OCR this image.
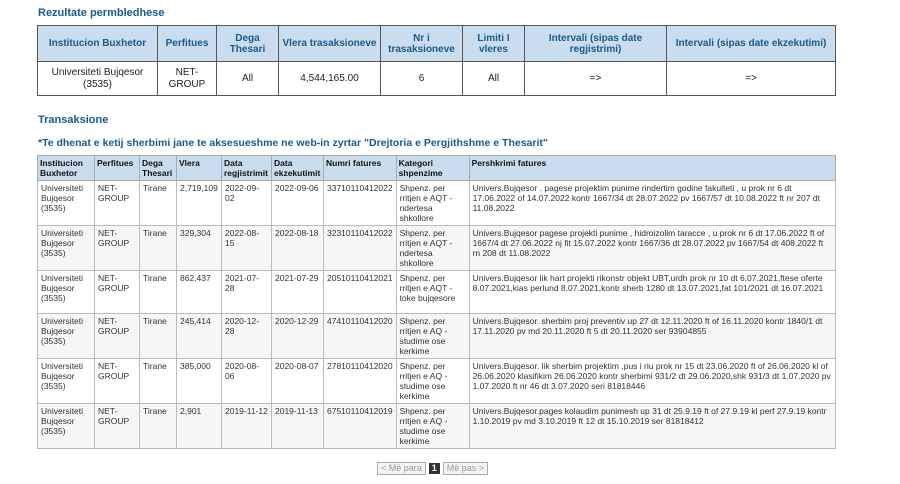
Rezultate permbledhese
Institucion Buxhetor	Perfitues	Dega Thesari	Vlera trasaksioneve	Nr i trasaksioneve	Limiti I vleres	Intervali (sipas date regjistrimi)	Intervali (sipas date ekzekutimi)
Universiteti Bujqesor (3535)	NET-GROUP	All	4,544,165.00	6	All	=>	=>
Transaksione
*Te dhenat e ketij sherbimi jane te aksesueshme ne web-in zyrtar "Drejtoria e Pergjithshme e Thesarit"
Institucion Buxhetor	Perfitues	Dega Thesari	Vlera	Data regjistrimit	Data ekzekutimit	Numri fatures	Kategori shpenzime	Pershkrimi fatures
Universiteti Bujqesor (3535)	NET-GROUP	Tirane	2,719,109	2022-09-02	2022-09-06	33710110412022	Shpenz. per rritjen e AQT - ndertesa shkollore	Univers.Bujqesor . pagese projektim punime rindertim godine fakulteti , u prok nr 6 dt 17.06.2022 of 14.07.2022 kontr 1667/34 dt 28.07.2022 pv 1667/57 dt 10.08.2022 ft nr 207 dt 11.08.2022
Universiteti Bujqesor (3535)	NET-GROUP	Tirane	329,304	2022-08-15	2022-08-18	32310110412022	Shpenz. per rritjen e AQT - ndertesa shkollore	Univers.Bujqesor pagese projekti punime , hidroizolim taracce , u prok nr 6 dt 17.06.2022 ft of 1667/4 dt 27.06.2022 nj fit 15.07.2022 kontr 1667/36 dt 28.07.2022 pv 1667/54 dt 408.2022 ft rn 208 dt 11.08.2022
Universiteti Bujqesor (3535)	NET-GROUP	Tirane	862,437	2021-07-28	2021-07-29	20510110412021	Shpenz. per rritjen e AQT - toke bujqesore	Univers.Bujqesor lik hart projekti rikonstr objekt UBT,urdh prok nr 10 dt 6.07.2021,ftese oferte 8.07.2021,kias perlund 8.07.2021,kontr sherb 1280 dt 13.07.2021,fat 101/2021 dt 16.07.2021
Universiteti Bujqesor (3535)	NET-GROUP	Tirane	245,414	2020-12-28	2020-12-29	47410110412020	Shpenz. per rritjen e AQ - studime ose kerkime	Univers.Bujqesor. sherbim proj preventiv up 27 dt 12.11.2020 ft of 16.11.2020 kontr 1840/1 dt 17.11.2020 pv md 20.11.2020 ft 5 dt 20.11.2020 ser 93904855
Universiteti Bujqesor (3535)	NET-GROUP	Tirane	385,000	2020-08-06	2020-08-07	27810110412020	Shpenz. per rritjen e AQ - studime ose kerkime	Univers.Bujqesor. lik sherbim projektim ,pus i riu prok nr 15 dt 23.06.2020 ft of 26.06.2020 kl of 26.06.2020 klasifikim 26.06.2020 kontr sherbimi 931/2 dt 29.06.2020,shk 931/3 dt 1.07.2020 pv 1.07.2020 ft nr 46 dt 3.07.2020 seri 81818446
Universiteti Bujqesor (3535)	NET-GROUP	Tirane	2,901	2019-11-12	2019-11-13	67510110412019	Shpenz. per rritjen e AQ - studime ose kerkime	Univers.Bujqesor.pages kolaudim punimesh up 31 dt 25.9.19 ft of 27.9.19 kl perf 27.9.19 kontr 1.10.2019 pv md 3.10.2019 ft 12 dt 15.10.2019 ser 81818412
< Më para	1	Më pas >
